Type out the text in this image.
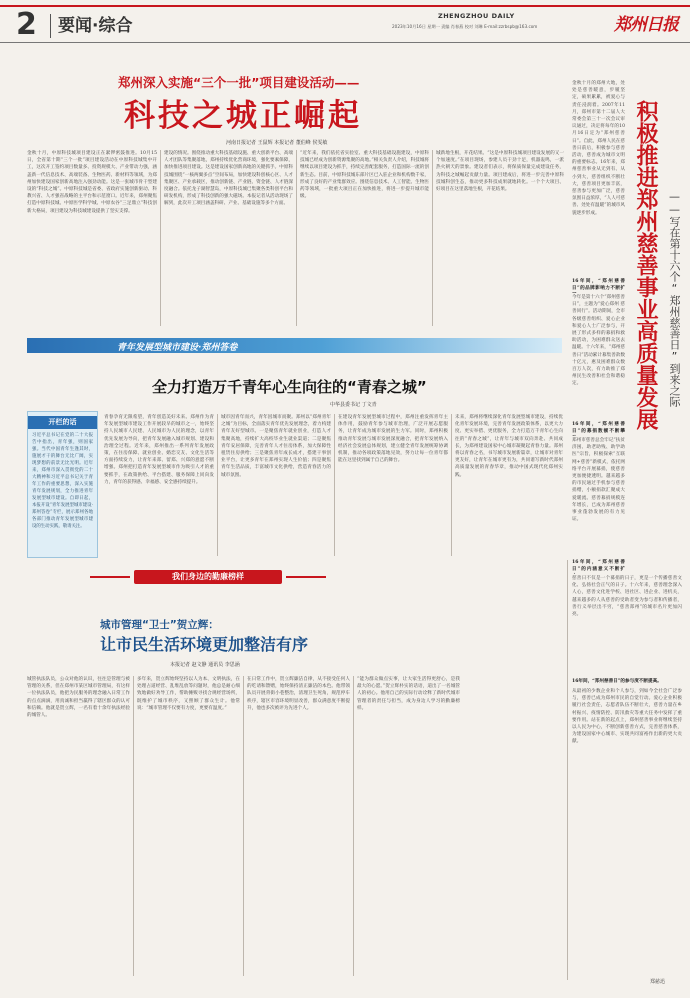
2 要闻·综合	ZHENGZHOU DAILY
2023年10月16日 星期一 责编 肖春燕 校对 刘琳 E-mail:zzrbspb@163.com	郑州日报
郑州深入实施“三个一批”项目建设活动——
科技之城正崛起
河南日报记者 王鼠辉 本报记者 董伯峰 侯雯敏
金秋十月，中原科技城项目建设正在紧锣密鼓推进。10月15日，全省第十期“三个一批”项目建设活动在中原科技城集中开工，这次开工签约项目数量多、投资规模大、产业带动力强，涵盖新一代信息技术、高端装备、生物医药、新材料等领域，为郑州加快建设国家创新高地注入强劲动能。这是一张城市骨干型建设的“科技之城”。中原科技城是省委、省政府实施创新驱动、科教兴省、人才强省战略的主平台和示范窗口。近年来，郑州聚焦打造中原科技城、中原医学科学城、中原农谷“三足鼎立”科技创新大格局，项目建设为科技城建设提供了坚实支撑。
建设的情况。围绕推动重大科技基础设施、重大创新平台、高端人才团队等集聚落地，郑州持续优化营商环境，强化要素保障，加快推进项目建设。这是建设国家创新高地的关键抓手。中原科技城围绕“一核两翼多点”空间布局，加快建设科创核心区、人才集聚区、产业承载区，推动创新链、产业链、资金链、人才链深度融合。依托龙子湖智慧岛，中原科技城已集聚各类科创平台和研发机构，形成了科技创新的强大磁场。本报记者从活动现场了解到，此次开工项目涵盖科研、产业、基础设施等多个方面。
“近年来，我们依托省实验室、重大科技基础设施建设，中原科技城已经成为创新资源集聚的高地。”相关负责人介绍，科技城将继续以项目建设为抓手，持续完善配套服务，打造国际一流的创新生态。目前，中原科技城东部片区已入驻企业和机构数千家，形成了良好的产业集群效应。围绕信息技术、人工智能、生物医药等领域，一批重大项目正在加快推进，将进一步提升城市能级。
城新地生根，开花结果。“这是中原科技城项目建设发展的又一个加速度。”在项目现场，参建人员干劲十足，机器轰鸣，一派热火朝天的景象。建设者们表示，将保质保量完成建设任务，为科技之城崛起贡献力量。项目建成后，将进一步完善中原科技城科创生态，推动更多科技成果就地转化。一个个大项目、好项目在这里落地生根，开花结果。
青年发展型城市建设·郑州答卷
全力打造万千青年心生向往的“青春之城”
中华县委书记 丁文青
青春孕育无限希望，青年创造美好未来。郑州作为青年发展型城市建设工作开展较早的城市之一，始终坚持人民城市人民建、人民城市为人民的理念，以青年优先发展为导向，把青年发展融入城市规划、建设和治理全过程。近年来，郑州推出一系列青年发展政策，在住房保障、就业创业、婚恋交友、文化生活等方面持续发力，让青年来郑、留郑、兴郑的意愿不断增强。郑州把打造青年发展型城市作为吸引人才的重要抓手，在政策供给、平台搭建、服务保障上同向发力，青年的获得感、幸福感、安全感持续提升。
城市因青年而兴，青年因城市而聚。郑州以“郑州青年之城”为目标，全面落实青年优先发展理念，着力构建青年友好型城市。一是聚焦青年就业创业，打造人才集聚高地，持续扩大高校毕业生就业渠道；二是聚焦青年安居保障，完善青年人才住房体系，加大保障性租赁住房供给；三是聚焦青年成长成才，搭建干事创业平台，让更多青年在郑州实现人生价值；四是聚焦青年生活品质，丰富城市文化供给，营造青春活力的城市氛围。
在建设青年发展型城市过程中，郑州注重发挥青年主体作用，鼓励青年参与城市治理，广泛开展志愿服务，让青年成为城市发展的生力军。同时，郑州积极推动青年发展与城市发展深度融合，把青年发展纳入经济社会发展总体规划，建立健全青年发展统筹协调机制，推动各项政策落地见效，努力让每一位青年都能在这里找到属于自己的舞台。
未来，郑州将继续深化青年发展型城市建设，持续优化青年发展环境，完善青年发展政策体系，以更大力度、更实举措、更优服务，全力打造万千青年心生向往的“青春之城”，让青年与城市双向奔赴、共同成长，为郑州建设国家中心城市凝聚起青春力量。郑州将以青春之名，书写城市发展新篇章，让城市对青年更友好，让青年在城市更有为，共同谱写新时代郑州高质量发展的青春华章，推动中国式现代化郑州实践。
开栏的话
习近平总书记在党的二十大报告中指出，青年强，则国家强。当代中国青年生逢其时，施展才干的舞台无比广阔，实现梦想的前景无比光明。近年来，郑州市深入贯彻党的二十大精神和习近平总书记关于青年工作的重要思想，深入实施青年发展规划，全力推进青年发展型城市建设。自即日起，本报开设“青年发展型城市建设·郑州答卷”专栏，展示郑州各地各部门推动青年发展型城市建设的生动实践，敬请关注。
我们身边的勤廉榜样
城市管理“卫士”贺立辉：
让市民生活环境更加整洁有序
本报记者 赵文静 通讯员 李思涵
城管执法队员，公众对他的认识，往往是管理与被管理的关系，但在郑州市某区城市管理局，有这样一位执法队员，他把为民服务的理念融入日常工作的点点滴滴，用真诚和担当赢得了辖区群众的认可和信赖。他就是贺立辉，一名有着十余年执法经验的城管人。
多年来，贺立辉始终坚持以人为本、文明执法，在处理占道经营、乱堆乱放等问题时，他总是耐心细致地做好劝导工作，帮助摊贩寻找合规经营场所，既维护了城市秩序，又照顾了群众生计。他常说：“城市管理不仅要有力度，更要有温度。”
在日常工作中，贺立辉廉洁自律，从不接受任何人的吃请和馈赠，始终保持清正廉洁的本色。他带领队员开展背街小巷整治，清理卫生死角，规范停车秩序，辖区市容环境明显改善，群众满意度不断提升，他也多次被评为先进个人。
“能为群众做点实事，让大家生活得更舒心，是我最大的心愿。”贺立辉朴实的话语，道出了一名城管人的初心。他用自己的实际行动诠释了新时代城市管理者的责任与担当，成为身边人学习的勤廉榜样。
金秋十月的郑州大地，处处是慈善暖意，步履坚定，硕果累累，被爱心与责任浸润着。2007年11月，郑州市第十二届人大常委会第三十一次会议审议通过，决定将每年的10月16日定为“郑州慈善日”。自此，郑州人民在慈善日前后，积极参与慈善活动，慈善成为城市文明的重要标志。16年来，郑州慈善事业从无到有、从小到大，慈善组织不断壮大，慈善项目更加丰富，慈善参与更加广泛，慈善氛围日益浓厚，“人人可慈善、处处有温暖”的城市风貌逐步形成。
16年间，“郑州慈善日”的品牌影响力不断扩
今年是第十六个“郑州慈善日”，主题为“爱心郑州 慈善同行”。活动期间，全市各级慈善组织、爱心企业和爱心人士广泛参与，开展了形式多样的募捐和救助活动，为困难群众送去温暖。十六年来，“郑州慈善日”活动累计募集善款数十亿元，惠及困难群众数百万人次，有力助推了郑州民生改善和社会和谐稳定。
16年间，“郑州慈善日”的募捐数额不断攀
郑州市慈善总会牢记“扶贫济困、助老助残、助学助医”宗旨，积极探索“互联网+慈善”新模式，依托网络平台开展募捐，使慈善更加便捷透明。越来越多的市民通过手机参与慈善捐赠，小额捐款汇聚成大爱暖流。慈善募捐规模连年增长，已成为郑州慈善事业蓬勃发展的有力见证。
16年间，“郑州慈善日”的内涵意义不断扩
慈善日不仅是一个募捐的日子，更是一个传播慈善文化、弘扬社会正气的日子。十六年来，慈善理念深入人心，慈善文化进学校、进社区、进企业、进机关，越来越多的人从慈善的受助者变为参与者和传播者，善行义举层出不穷，“慈善郑州”的城市名片更加闪亮。
16年间，“郑州慈善日”的参与度不断提高。
从最初的少数企业和个人参与，到如今全社会广泛参与，慈善已成为郑州市民的自觉行动。爱心企业积极履行社会责任，志愿者队伍不断壮大，慈善力量在乡村振兴、疫情防控、防汛救灾等重大任务中发挥了重要作用。站在新的起点上，郑州慈善事业将继续坚持以人民为中心，不断创新慈善方式，完善慈善体系，为建设国家中心城市、实现共同富裕作出新的更大贡献。
郑慈迅
积极推进郑州慈善事业高质量发展 ——写在第十六个“郑州慈善日”到来之际
